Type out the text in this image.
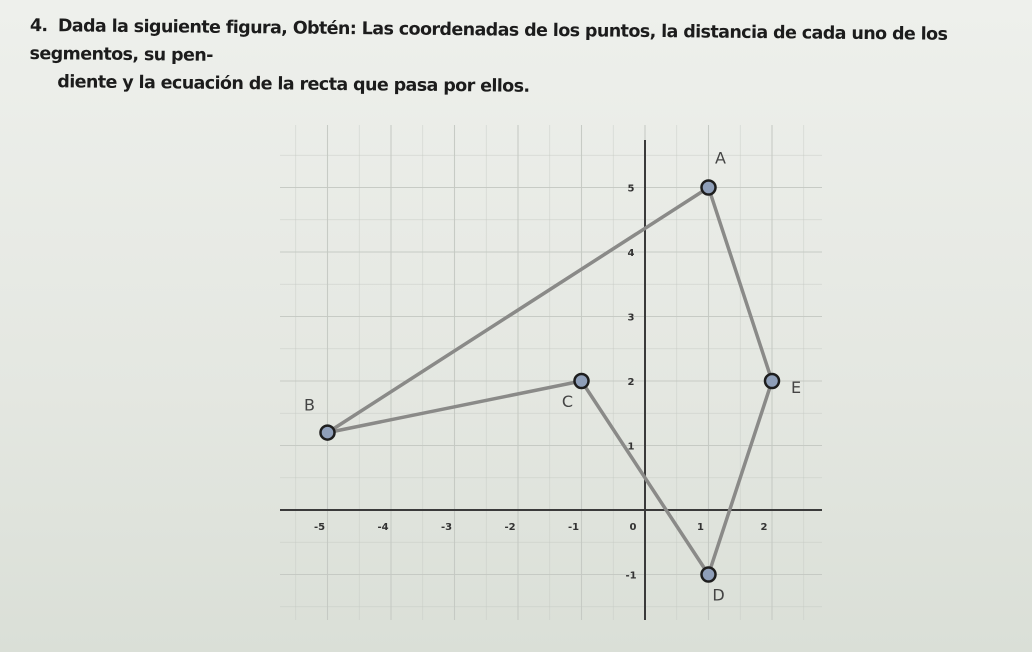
4. Dada la siguiente figura, Obtén: Las coordenadas de los puntos, la distancia de cada uno de los segmentos, su pen-
diente y la ecuación de la recta que pasa por ellos.
-5	-4	-3	-2	-1	0	1	2
5
4
3
2
1
-1
A
B	C
D
E
